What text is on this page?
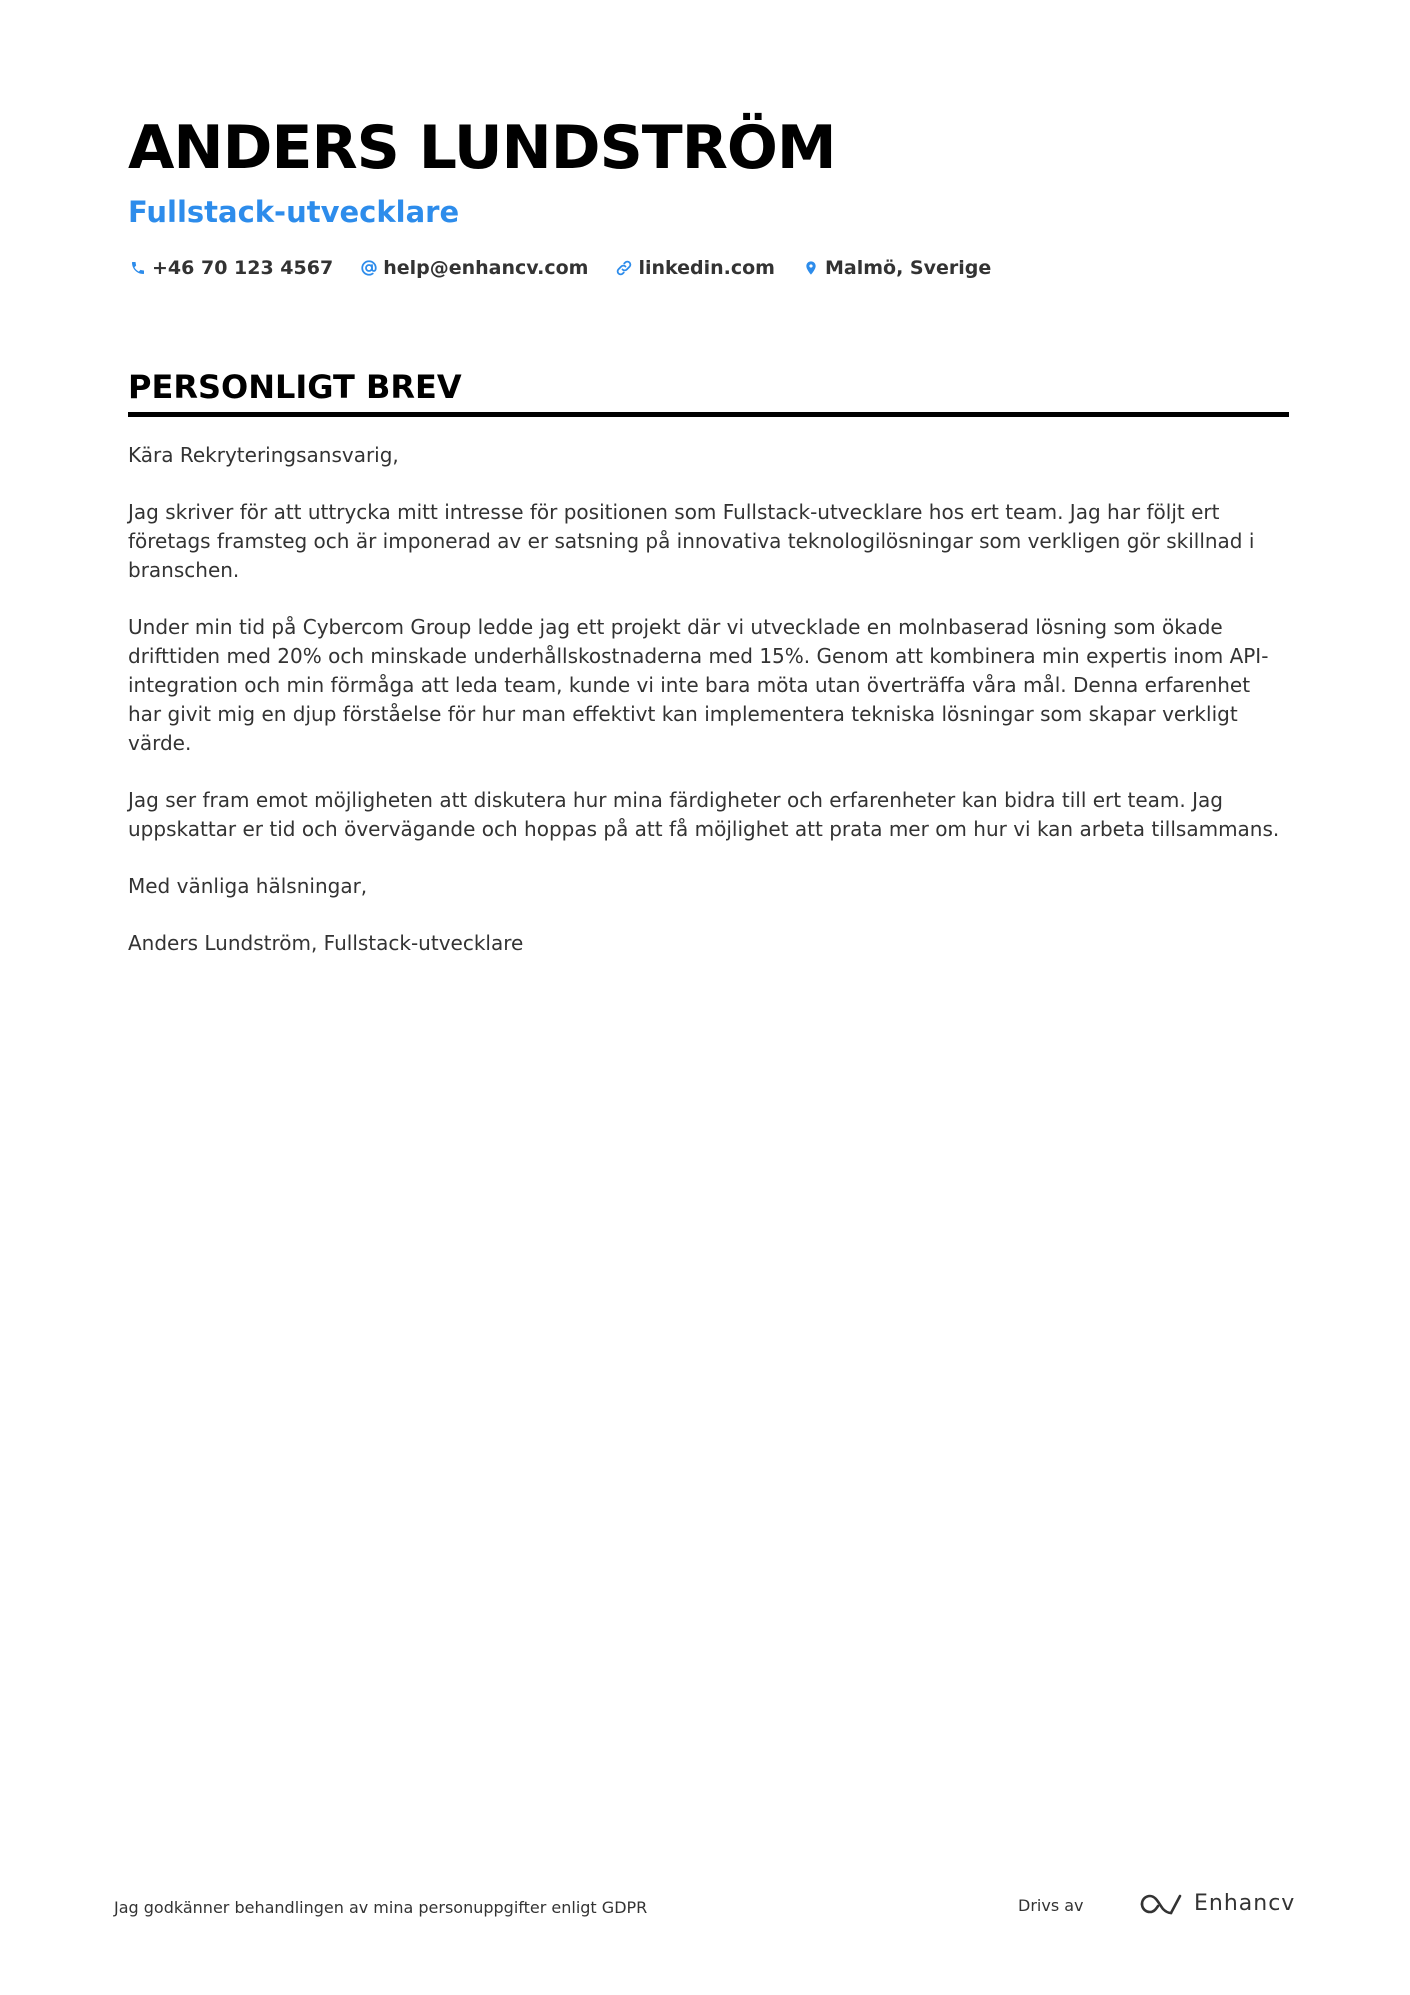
ANDERS LUNDSTRÖM
Fullstack-utvecklare
+46 70 123 4567	help@enhancv.com	linkedin.com	Malmö, Sverige
PERSONLIGT BREV

Kära Rekryteringsansvarig,

Jag skriver för att uttrycka mitt intresse för positionen som Fullstack-utvecklare hos ert team. Jag har följt ert företags framsteg och är imponerad av er satsning på innovativa teknologilösningar som verkligen gör skillnad i branschen.

Under min tid på Cybercom Group ledde jag ett projekt där vi utvecklade en molnbaserad lösning som ökade drifttiden med 20% och minskade underhållskostnaderna med 15%. Genom att kombinera min expertis inom API-integration och min förmåga att leda team, kunde vi inte bara möta utan överträffa våra mål. Denna erfarenhet har givit mig en djup förståelse för hur man effektivt kan implementera tekniska lösningar som skapar verkligt värde.

Jag ser fram emot möjligheten att diskutera hur mina färdigheter och erfarenheter kan bidra till ert team. Jag uppskattar er tid och övervägande och hoppas på att få möjlighet att prata mer om hur vi kan arbeta tillsammans.

Med vänliga hälsningar,

Anders Lundström, Fullstack-utvecklare

Jag godkänner behandlingen av mina personuppgifter enligt GDPR	Drivs av	Enhancv
